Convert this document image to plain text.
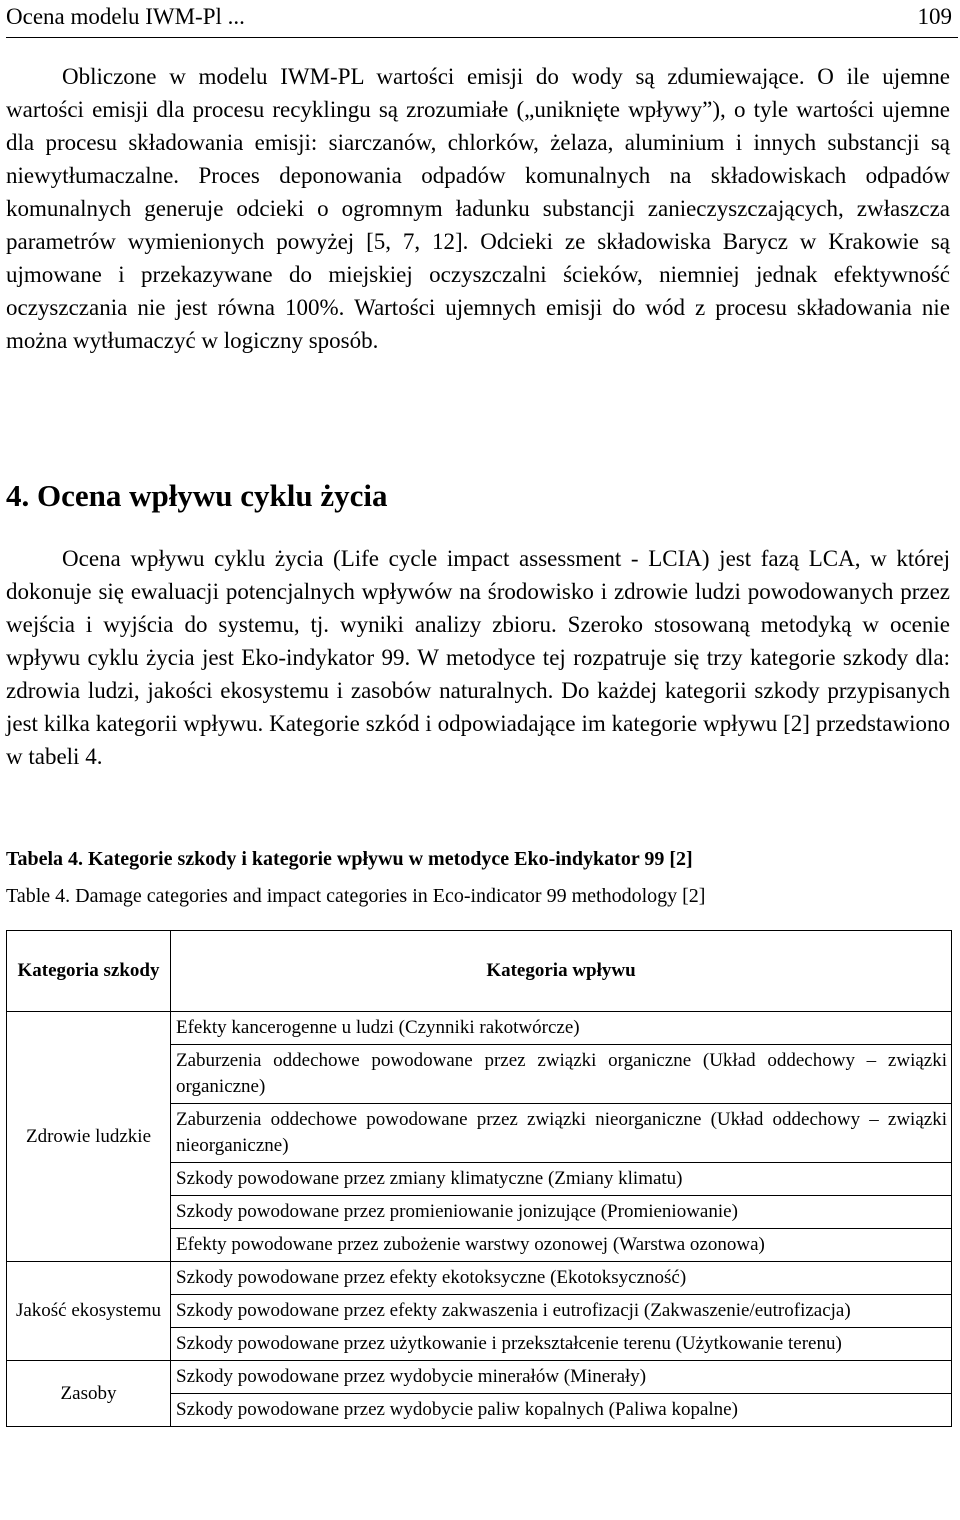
Ocena modelu IWM-Pl ...	109

Obliczone w modelu IWM-PL wartości emisji do wody są zdumiewające. O ile ujemne wartości emisji dla procesu recyklingu są zrozumiałe („uniknięte wpływy”), o tyle wartości ujemne dla procesu składowania emisji: siarczanów, chlorków, żelaza, aluminium i innych substancji są niewytłumaczalne. Proces deponowania odpadów komunalnych na składowiskach odpadów komunalnych generuje odcieki o ogromnym ładunku substancji zanieczyszczających, zwłaszcza parametrów wymienionych powyżej [5, 7, 12]. Odcieki ze składowiska Barycz w Krakowie są ujmowane i przekazywane do miejskiej oczyszczalni ścieków, niemniej jednak efektywność oczyszczania nie jest równa 100%. Wartości ujemnych emisji do wód z procesu składowania nie można wytłumaczyć w logiczny sposób.

4. Ocena wpływu cyklu życia

Ocena wpływu cyklu życia (Life cycle impact assessment - LCIA) jest fazą LCA, w której dokonuje się ewaluacji potencjalnych wpływów na środowisko i zdrowie ludzi powodowanych przez wejścia i wyjścia do systemu, tj. wyniki analizy zbioru. Szeroko stosowaną metodyką w ocenie wpływu cyklu życia jest Eko-indykator 99. W metodyce tej rozpatruje się trzy kategorie szkody dla: zdrowia ludzi, jakości ekosystemu i zasobów naturalnych. Do każdej kategorii szkody przypisanych jest kilka kategorii wpływu. Kategorie szkód i odpowiadające im kategorie wpływu [2] przedstawiono w tabeli 4.

Tabela 4. Kategorie szkody i kategorie wpływu w metodyce Eko-indykator 99 [2]
Table 4. Damage categories and impact categories in Eco-indicator 99 methodology [2]
Kategoria szkody	Kategoria wpływu
Zdrowie ludzkie	Efekty kancerogenne u ludzi (Czynniki rakotwórcze)
	Zaburzenia oddechowe powodowane przez związki organiczne (Układ oddechowy – związki organiczne)
	Zaburzenia oddechowe powodowane przez związki nieorganiczne (Układ oddechowy – związki nieorganiczne)
	Szkody powodowane przez zmiany klimatyczne (Zmiany klimatu)
	Szkody powodowane przez promieniowanie jonizujące (Promieniowanie)
	Efekty powodowane przez zubożenie warstwy ozonowej (Warstwa ozonowa)
Jakość ekosystemu	Szkody powodowane przez efekty ekotoksyczne (Ekotoksyczność)
	Szkody powodowane przez efekty zakwaszenia i eutrofizacji (Zakwaszenie/eutrofizacja)
	Szkody powodowane przez użytkowanie i przekształcenie terenu (Użytkowanie terenu)
Zasoby	Szkody powodowane przez wydobycie minerałów (Minerały)
	Szkody powodowane przez wydobycie paliw kopalnych (Paliwa kopalne)
